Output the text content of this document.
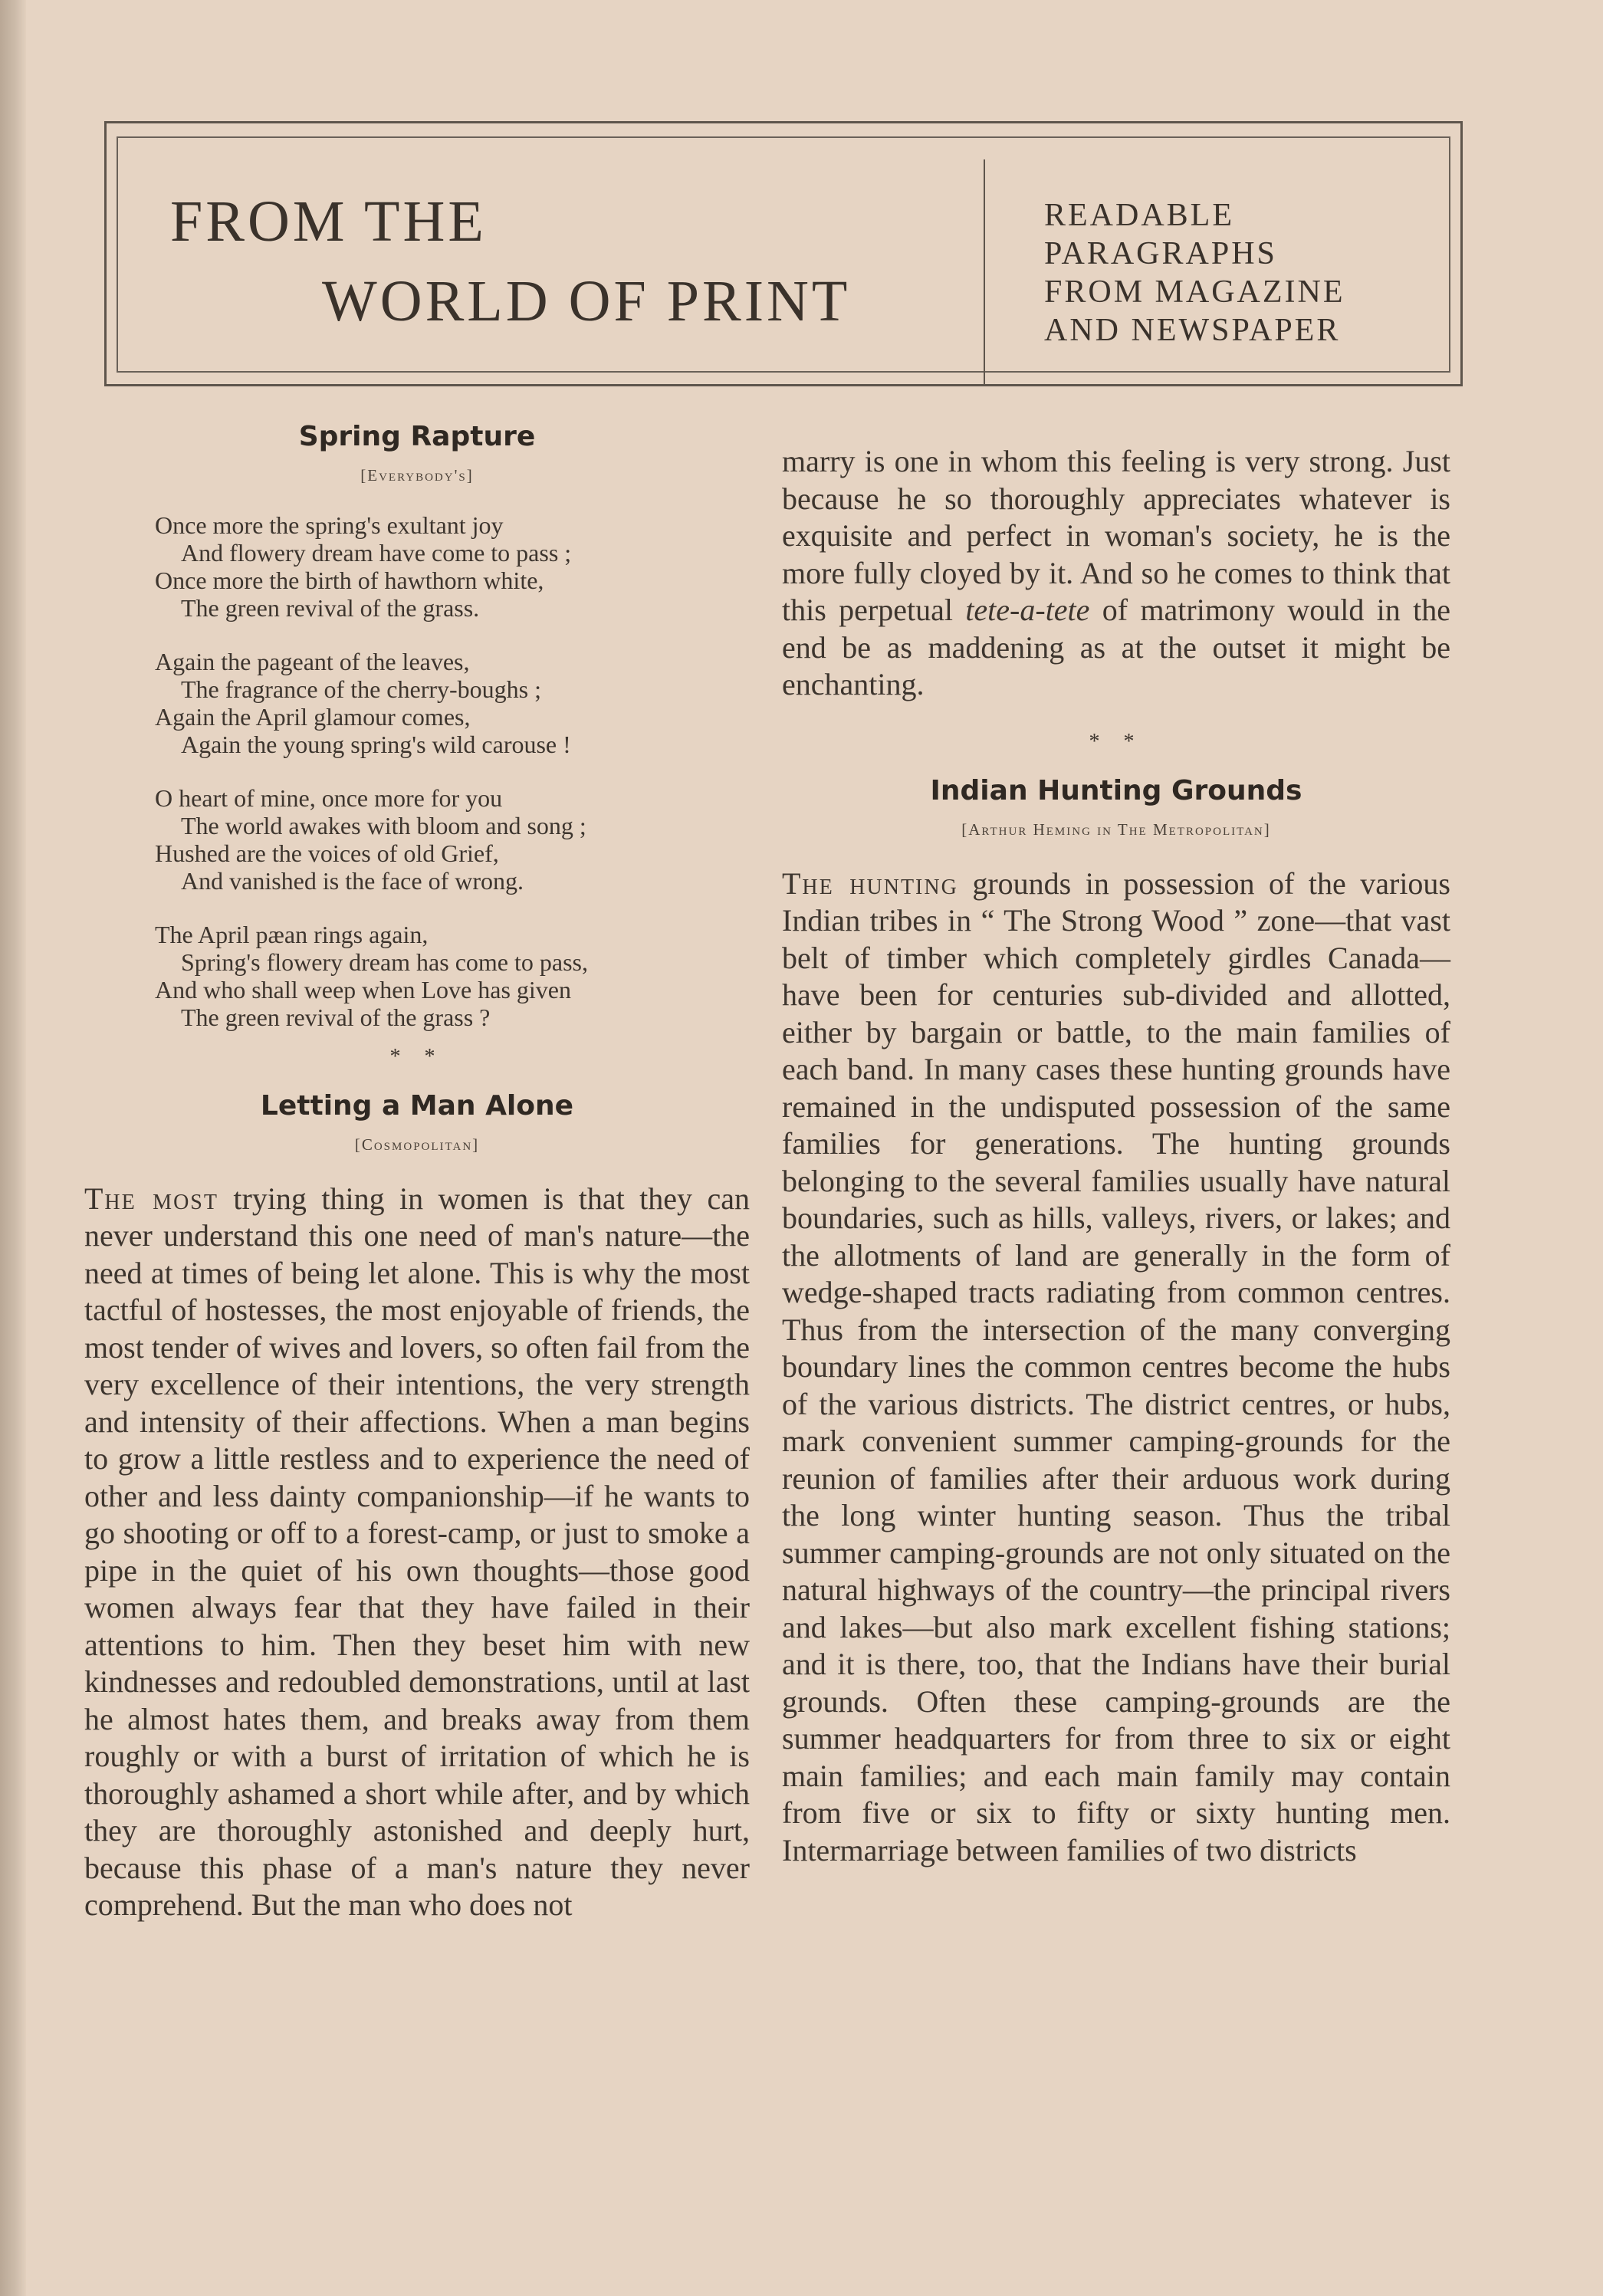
FROM THE
WORLD OF PRINT
READABLE
PARAGRAPHS
FROM MAGAZINE
AND NEWSPAPER
Spring Rapture
[Everybody's]
Once more the spring's exultant joy
And flowery dream have come to pass ;
Once more the birth of hawthorn white,
The green revival of the grass.
Again the pageant of the leaves,
The fragrance of the cherry-boughs ;
Again the April glamour comes,
Again the young spring's wild carouse !
O heart of mine, once more for you
The world awakes with bloom and song ;
Hushed are the voices of old Grief,
And vanished is the face of wrong.
The April pæan rings again,
Spring's flowery dream has come to pass,
And who shall weep when Love has given
The green revival of the grass ?
* *
Letting a Man Alone
[Cosmopolitan]

The most trying thing in women is that they can never understand this one need of man's nature—the need at times of being let alone. This is why the most tactful of hostesses, the most enjoyable of friends, the most tender of wives and lovers, so often fail from the very excellence of their intentions, the very strength and intensity of their affections. When a man begins to grow a little restless and to experience the need of other and less dainty companionship—if he wants to go shooting or off to a forest-camp, or just to smoke a pipe in the quiet of his own thoughts—those good women always fear that they have failed in their attentions to him. Then they beset him with new kindnesses and redoubled demonstrations, until at last he almost hates them, and breaks away from them roughly or with a burst of irritation of which he is thoroughly ashamed a short while after, and by which they are thoroughly astonished and deeply hurt, because this phase of a man's nature they never comprehend. But the man who does not

marry is one in whom this feeling is very strong. Just because he so thoroughly appreciates whatever is exquisite and perfect in woman's society, he is the more fully cloyed by it. And so he comes to think that this perpetual tete-a-tete of matrimony would in the end be as maddening as at the outset it might be enchanting.

* *
Indian Hunting Grounds
[Arthur Heming in The Metropolitan]

The hunting grounds in possession of the various Indian tribes in “ The Strong Wood ” zone—that vast belt of timber which completely girdles Canada—have been for centuries sub-divided and allotted, either by bargain or battle, to the main families of each band. In many cases these hunting grounds have remained in the undisputed possession of the same families for generations. The hunting grounds belonging to the several families usually have natural boundaries, such as hills, valleys, rivers, or lakes; and the allotments of land are generally in the form of wedge-shaped tracts radiating from common centres. Thus from the intersection of the many converging boundary lines the common centres become the hubs of the various districts. The district centres, or hubs, mark convenient summer camping-grounds for the reunion of families after their arduous work during the long winter hunting season. Thus the tribal summer camping-grounds are not only situated on the natural highways of the country—the principal rivers and lakes—but also mark excellent fishing stations; and it is there, too, that the Indians have their burial grounds. Often these camping-grounds are the summer headquarters for from three to six or eight main families; and each main family may contain from five or six to fifty or sixty hunting men. Intermarriage between families of two districts
